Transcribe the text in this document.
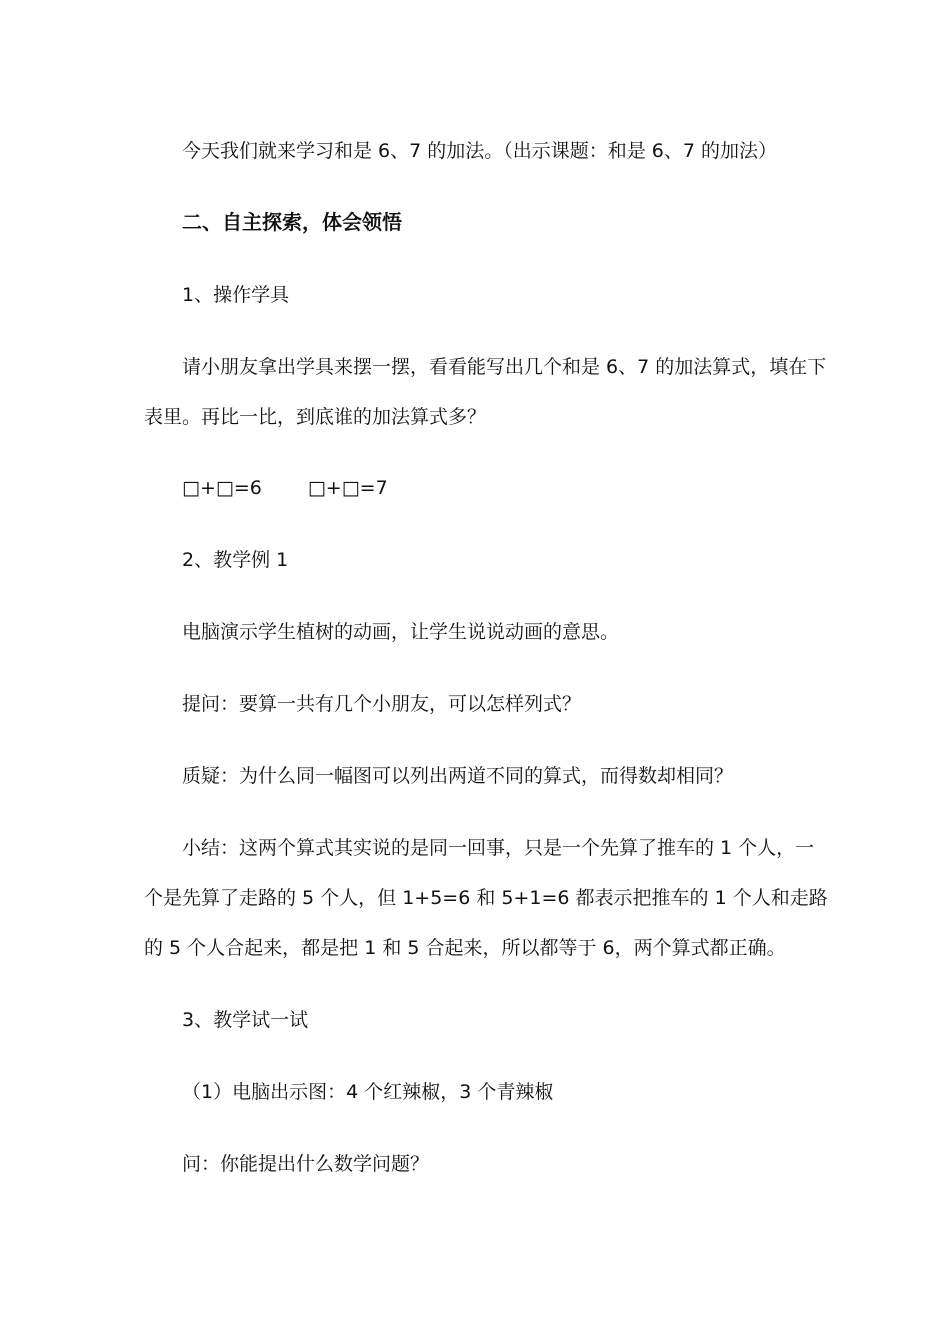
今天我们就来学习和是 6、7 的加法。（出示课题：和是 6、7 的加法）
二、自主探索，体会领悟
1、操作学具
请小朋友拿出学具来摆一摆，看看能写出几个和是 6、7 的加法算式，填在下
表里。再比一比，到底谁的加法算式多？
□+□=6 □+□=7
2、教学例 1
电脑演示学生植树的动画，让学生说说动画的意思。
提问：要算一共有几个小朋友，可以怎样列式？
质疑：为什么同一幅图可以列出两道不同的算式，而得数却相同？
小结：这两个算式其实说的是同一回事，只是一个先算了推车的 1 个人，一
个是先算了走路的 5 个人，但 1+5=6 和 5+1=6 都表示把推车的 1 个人和走路
的 5 个人合起来，都是把 1 和 5 合起来，所以都等于 6，两个算式都正确。
3、教学试一试
（1）电脑出示图：4 个红辣椒，3 个青辣椒
问：你能提出什么数学问题？
